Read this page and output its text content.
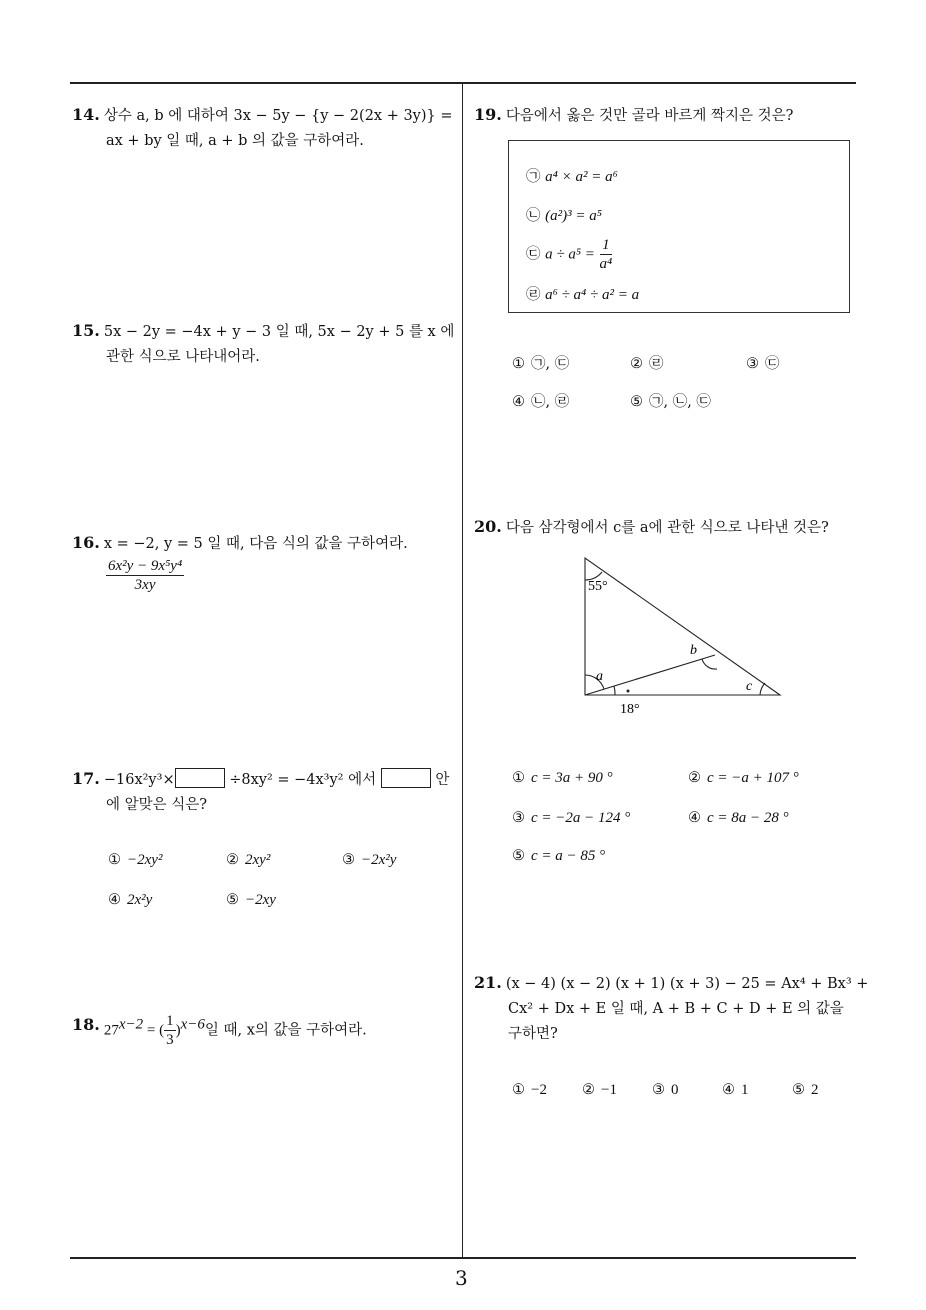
14. 상수 a, b 에 대하여 3x − 5y − {y − 2(2x + 3y)} =
ax + by 일 때, a + b 의 값을 구하여라.
15. 5x − 2y = −4x + y − 3 일 때, 5x − 2y + 5 를 x 에
관한 식으로 나타내어라.
16. x = −2, y = 5 일 때, 다음 식의 값을 구하여라.
$\frac{\text{6x²y − 9x⁵y⁴}}{3xy}$
17. −16x²y³×	÷8xy² = −4x³y² 에서	안
에 알맞은 식은?
① −2xy²	② 2xy²	③ −2x²y
④ 2x²y	⑤ −2xy
18. $27^{x-2}$ = ( $\frac{1}{3} )^{x-6}$일 때, x의 값을 구하여라.
19. 다음에서 옳은 것만 골라 바르게 짝지은 것은?
㉠ a⁴ × a² = a⁶
㉡ (a²)³ = a⁵
㉢ $a \div a^5 = \frac{1}{\text{a⁴}}$
㉣ a⁶ ÷ a⁴ ÷ a² = a
① ㉠, ㉢	② ㉣	③ ㉢
④ ㉡, ㉣	⑤ ㉠, ㉡, ㉢
20. 다음 삼각형에서 c를 a에 관한 식으로 나타낸 것은?
55°
b
a
c
18°
① c = 3a + 90 °	② c = −a + 107 °
③ c = −2a − 124 °	④ c = 8a − 28 °
⑤ c = a − 85 °
21. (x − 4) (x − 2) (x + 1) (x + 3) − 25 = Ax⁴ + Bx³ +
Cx² + Dx + E 일 때, A + B + C + D + E 의 값을
구하면?
① −2 ② −1 ③ 0	④ 1	⑤ 2
3
